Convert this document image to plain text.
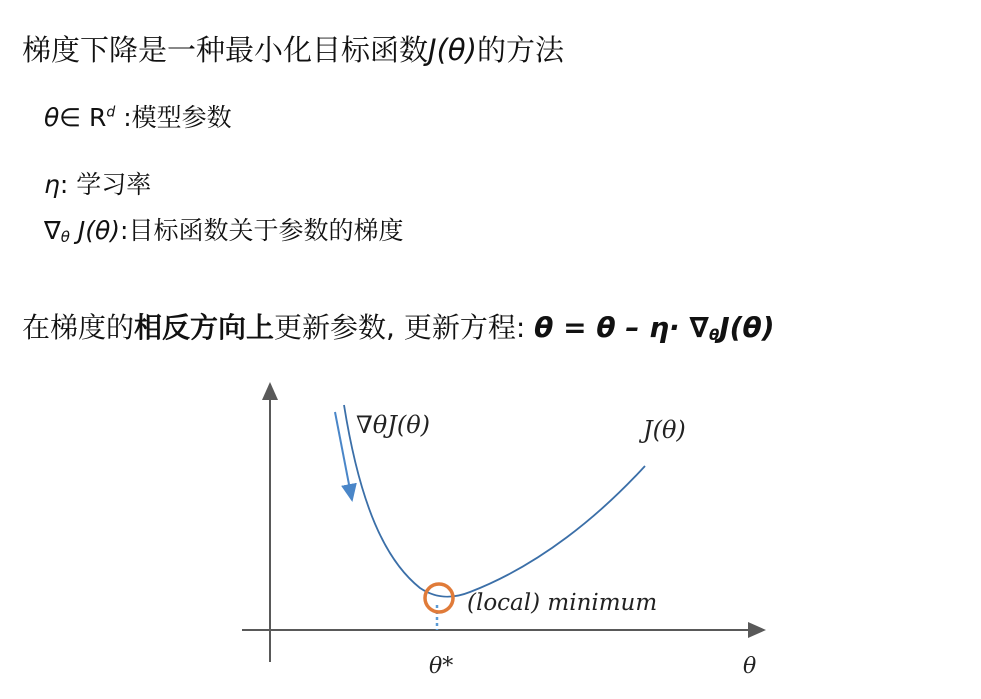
梯度下降是一种最小化目标函数J(θ)的方法
θ∈ $R^d$ :模型参数
η: 学习率
$\nabla_\theta$ J(θ):目标函数关于参数的梯度
在梯度的相反方向上更新参数, 更新方程: $\theta = \theta - \eta\cdot \nabla_\theta J(\theta)$
∇θJ(θ)	J(θ)
(local) minimum
θ*	θ
